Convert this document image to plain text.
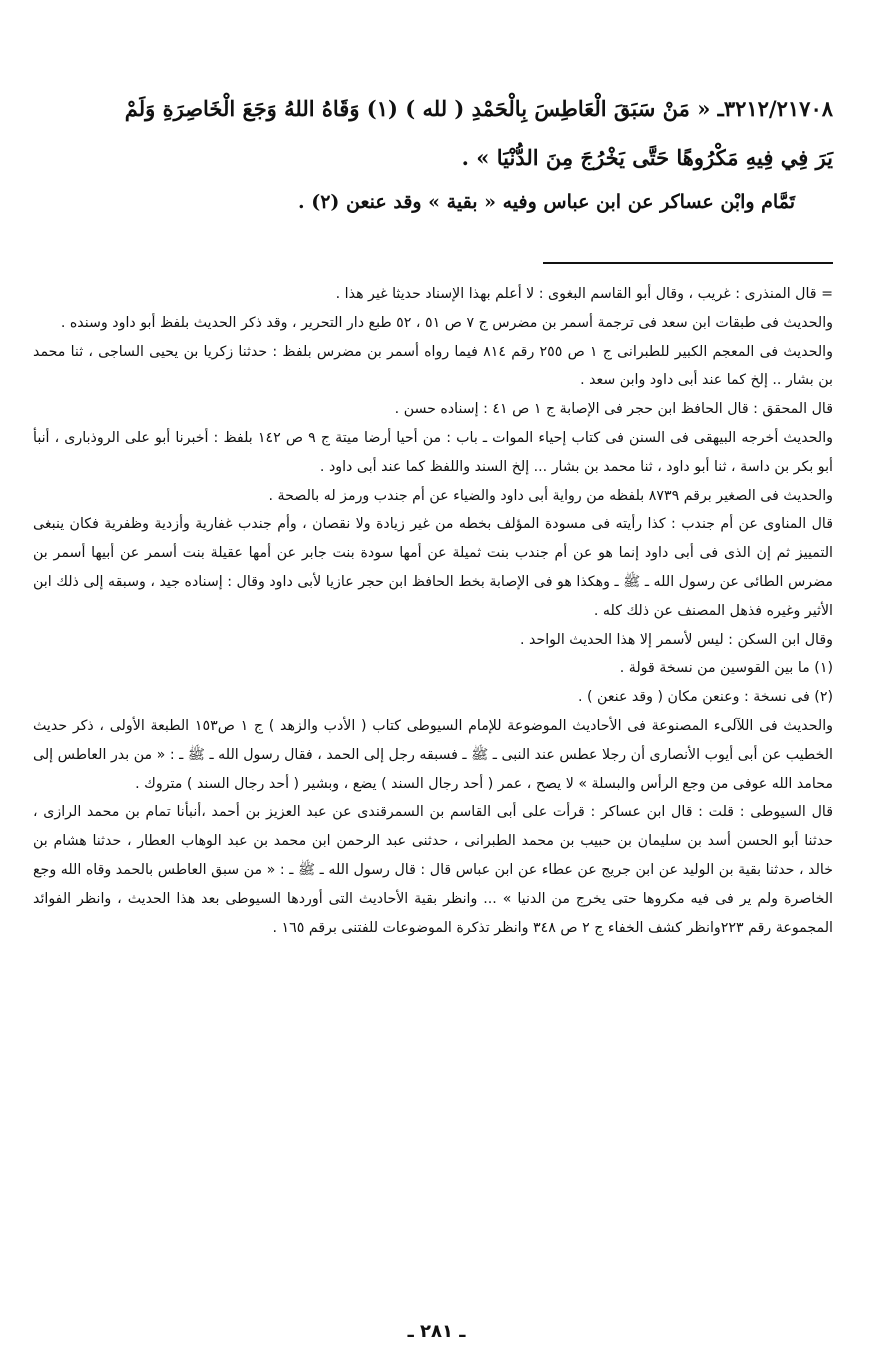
٣٢١٢/٢١٧٠٨ـ « مَنْ سَبَقَ الْعَاطِسَ بِالْحَمْدِ ( لله ) (١) وَقَاهُ اللهُ وَجَعَ الْخَاصِرَةِ وَلَمْ

يَرَ فِي فِيهِ مَكْرُوهًا حَتَّى يَخْرُجَ مِنَ الدُّنْيَا » .

تَمَّام وابْن عساكر عن ابن عباس وفيه « بقية » وقد عنعن (٢) .

= قال المنذرى : غريب ، وقال أبو القاسم البغوى : لا أعلم بهذا الإسناد حديثا غير هذا .

والحديث فى طبقات ابن سعد فى ترجمة أسمر بن مضرس ج ٧ ص ٥١ ، ٥٢ طبع دار التحرير ، وقد ذكر الحديث بلفظ أبو داود وسنده .

والحديث فى المعجم الكبير للطبرانى ج ١ ص ٢٥٥ رقم ٨١٤ فيما رواه أسمر بن مضرس بلفظ : حدثنا زكريا بن يحيى الساجى ، ثنا محمد بن بشار .. إلخ كما عند أبى داود وابن سعد .

قال المحقق : قال الحافظ ابن حجر فى الإصابة ج ١ ص ٤١ : إسناده حسن .

والحديث أخرجه البيهقى فى السنن فى كتاب إحياء الموات ـ باب : من أحيا أرضا ميتة ج ٩ ص ١٤٢ بلفظ : أخبرنا أبو على الروذبارى ، أنبأ أبو بكر بن داسة ، ثنا أبو داود ، ثنا محمد بن بشار ... إلخ السند واللفظ كما عند أبى داود .

والحديث فى الصغير برقم ٨٧٣٩ بلفظه من رواية أبى داود والضياء عن أم جندب ورمز له بالصحة .

قال المناوى عن أم جندب : كذا رأيته فى مسودة المؤلف بخطه من غير زيادة ولا نقصان ، وأم جندب غفارية وأزدية وظفرية فكان ينبغى التمييز ثم إن الذى فى أبى داود إنما هو عن أم جندب بنت ثميلة عن أمها سودة بنت جابر عن أمها عقيلة بنت أسمر عن أبيها أسمر بن مضرس الطائى عن رسول الله ـ ﷺ ـ وهكذا هو فى الإصابة بخط الحافظ ابن حجر عازيا لأبى داود وقال : إسناده جيد ، وسبقه إلى ذلك ابن الأثير وغيره فذهل المصنف عن ذلك كله .

وقال ابن السكن : ليس لأسمر إلا هذا الحديث الواحد .

(١) ما بين القوسين من نسخة قولة .

(٢) فى نسخة : وعنعن مكان ( وقد عنعن ) .

والحديث فى اللآلىء المصنوعة فى الأحاديث الموضوعة للإمام السيوطى كتاب ( الأدب والزهد ) ج ١ ص١٥٣ الطبعة الأولى ، ذكر حديث الخطيب عن أبى أيوب الأنصارى أن رجلا عطس عند النبى ـ ﷺ ـ فسبقه رجل إلى الحمد ، فقال رسول الله ـ ﷺ ـ : « من بدر العاطس إلى محامد الله عوفى من وجع الرأس والبسلة » لا يصح ، عمر ( أحد رجال السند ) يضع ، وبشير ( أحد رجال السند ) متروك .

قال السيوطى : قلت : قال ابن عساكر : قرأت على أبى القاسم بن السمرقندى عن عبد العزيز بن أحمد ،أنبأنا تمام بن محمد الرازى ، حدثنا أبو الحسن أسد بن سليمان بن حبيب بن محمد الطبرانى ، حدثنى عبد الرحمن ابن محمد بن عبد الوهاب العطار ، حدثنا هشام بن خالد ، حدثنا بقية بن الوليد عن ابن جريج عن عطاء عن ابن عباس قال : قال رسول الله ـ ﷺ ـ : « من سبق العاطس بالحمد وقاه الله وجع الخاصرة ولم ير فى فيه مكروها حتى يخرج من الدنيا » ... وانظر بقية الأحاديث التى أوردها السيوطى بعد هذا الحديث ، وانظر الفوائد المجموعة رقم ٢٢٣وانظر كشف الخفاء ج ٢ ص ٣٤٨ وانظر تذكرة الموضوعات للفتنى برقم ١٦٥ .

ـ ٢٨١ ـ
